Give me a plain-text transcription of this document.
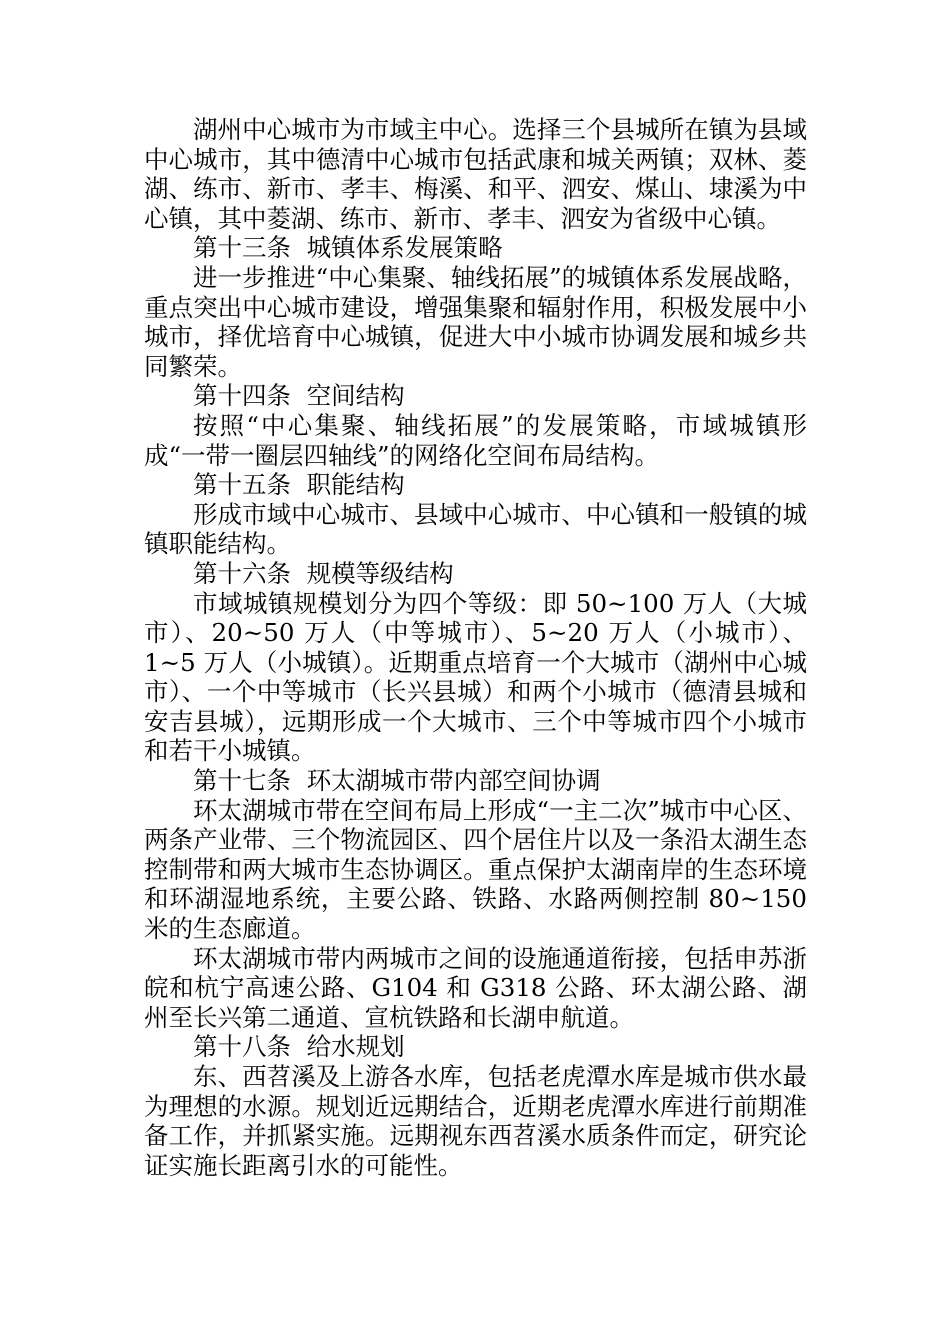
湖州中心城市为市域主中心。选择三个县城所在镇为县域中心城市，其中德清中心城市包括武康和城关两镇；双林、菱湖、练市、新市、孝丰、梅溪、和平、泗安、煤山、埭溪为中心镇，其中菱湖、练市、新市、孝丰、泗安为省级中心镇。

第十三条  城镇体系发展策略

进一步推进“中心集聚、轴线拓展”的城镇体系发展战略，重点突出中心城市建设，增强集聚和辐射作用，积极发展中小城市，择优培育中心城镇，促进大中小城市协调发展和城乡共同繁荣。

第十四条  空间结构

按照“中心集聚、轴线拓展”的发展策略，市域城镇形成“一带一圈层四轴线”的网络化空间布局结构。

第十五条  职能结构

形成市域中心城市、县域中心城市、中心镇和一般镇的城镇职能结构。

第十六条  规模等级结构

市域城镇规模划分为四个等级：即 50~100 万人（大城市）、20~50 万人（中等城市）、5~20 万人（小城市）、1~5 万人（小城镇）。近期重点培育一个大城市（湖州中心城市）、一个中等城市（长兴县城）和两个小城市（德清县城和安吉县城），远期形成一个大城市、三个中等城市四个小城市和若干小城镇。

第十七条  环太湖城市带内部空间协调

环太湖城市带在空间布局上形成“一主二次”城市中心区、两条产业带、三个物流园区、四个居住片以及一条沿太湖生态控制带和两大城市生态协调区。重点保护太湖南岸的生态环境和环湖湿地系统，主要公路、铁路、水路两侧控制 80~150 米的生态廊道。

环太湖城市带内两城市之间的设施通道衔接，包括申苏浙皖和杭宁高速公路、G104 和 G318 公路、环太湖公路、湖州至长兴第二通道、宣杭铁路和长湖申航道。

第十八条  给水规划

东、西苕溪及上游各水库，包括老虎潭水库是城市供水最为理想的水源。规划近远期结合，近期老虎潭水库进行前期准备工作，并抓紧实施。远期视东西苕溪水质条件而定，研究论证实施长距离引水的可能性。
